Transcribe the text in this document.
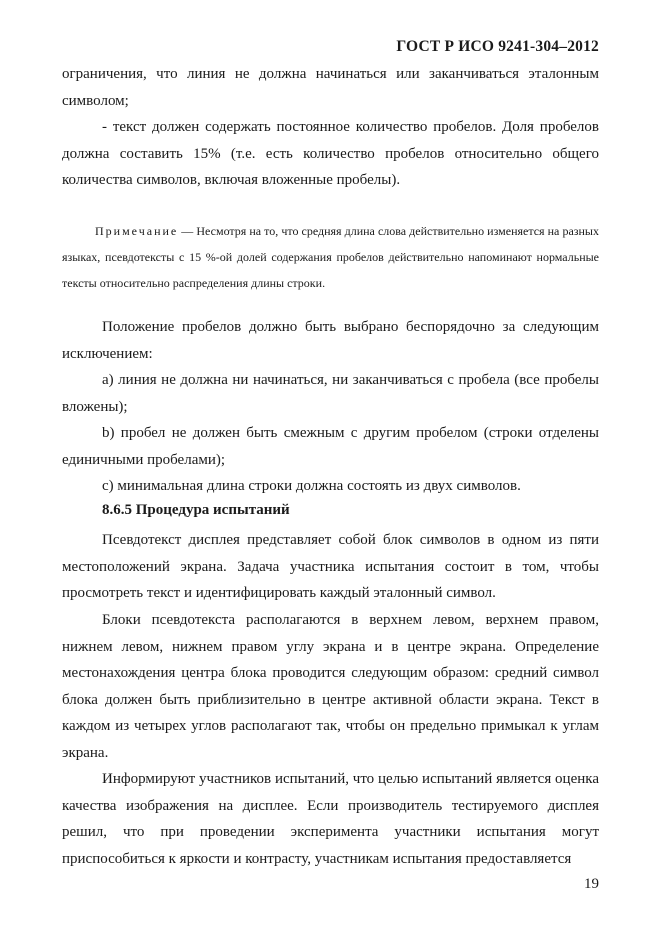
ГОСТ Р ИСО 9241-304–2012

ограничения, что линия не должна начинаться или заканчиваться эталонным символом;

- текст должен содержать постоянное количество пробелов. Доля пробелов должна составить 15% (т.е. есть количество пробелов относительно общего количества символов, включая вложенные пробелы).

Примечание — Несмотря на то, что средняя длина слова действительно изменяется на разных языках, псевдотексты с 15 %-ой долей содержания пробелов действительно напоминают нормальные тексты относительно распределения длины строки.

Положение пробелов должно быть выбрано беспорядочно за следующим исключением:

a) линия не должна ни начинаться, ни заканчиваться с пробела (все пробелы вложены);

b) пробел не должен быть смежным с другим пробелом (строки отделены единичными пробелами);

c) минимальная длина строки должна состоять из двух символов.

8.6.5 Процедура испытаний

Псевдотекст дисплея представляет собой блок символов в одном из пяти местоположений экрана. Задача участника испытания состоит в том, чтобы просмотреть текст и идентифицировать каждый эталонный символ.

Блоки псевдотекста располагаются в верхнем левом, верхнем правом, нижнем левом, нижнем правом углу экрана и в центре экрана. Определение местонахождения центра блока проводится следующим образом: средний символ блока должен быть приблизительно в центре активной области экрана. Текст в каждом из четырех углов располагают так, чтобы он предельно примыкал к углам экрана.

Информируют участников испытаний, что целью испытаний является оценка качества изображения на дисплее. Если производитель тестируемого дисплея решил, что при проведении эксперимента участники испытания могут приспособиться к яркости и контрасту, участникам испытания предоставляется

19
